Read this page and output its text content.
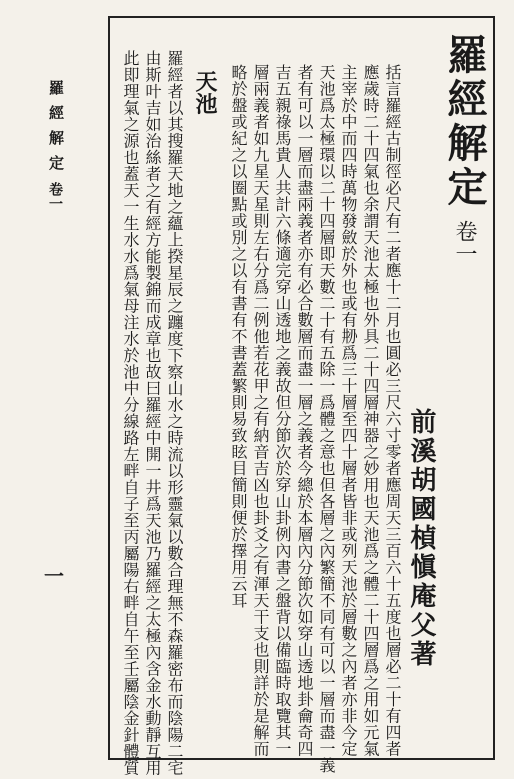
羅經解定卷一
前溪胡國楨愼庵父著
括言羅經古制徑必尺有二者應十二月也圓必三尺六寸零者應周天三百六十五度也層必二十有四者
應歲時二十四氣也余謂天池太極也外具二十四層神器之妙用也天池爲之體二十四層爲之用如元氣
主宰於中而四時萬物發斂於外也或有刱爲三十層至四十層者皆非或列天池於層數之內者亦非今定
天池爲太極環以二十四層即天數二十有五除一爲體之意也但各層之內繁簡不同有可以一層而盡一義
者有可以一層而盡兩義者亦有必合數層而盡一層之義者今總於本層內分節次如穿山透地卦龠奇四
吉五親祿馬貴人共計六條適完穿山透地之義故但分節次於穿山卦例內書之盤背以備臨時取覽其一
層兩義者如九星天星則左右分爲二例他若花甲之有納音吉凶也卦爻之有渾天干支也則詳於是解而
略於盤或紀之以圈點或別之以有書有不書蓋繁則易致眩目簡則便於擇用云耳
天池
羅經者以其搜羅天地之蘊上揆星辰之躔度下察山水之時流以形靈氣以數合理無不森羅密布而陰陽二宅
由斯叶吉如治絲者之有經方能製錦而成章也故曰羅經中開一井爲天池乃羅經之太極內含金水動靜互用
此即理氣之源也蓋天一生水水爲氣母注水於池中分線路左畔自子至丙屬陽右畔自午至壬屬陰金針體質
羅經解定
卷一
一
